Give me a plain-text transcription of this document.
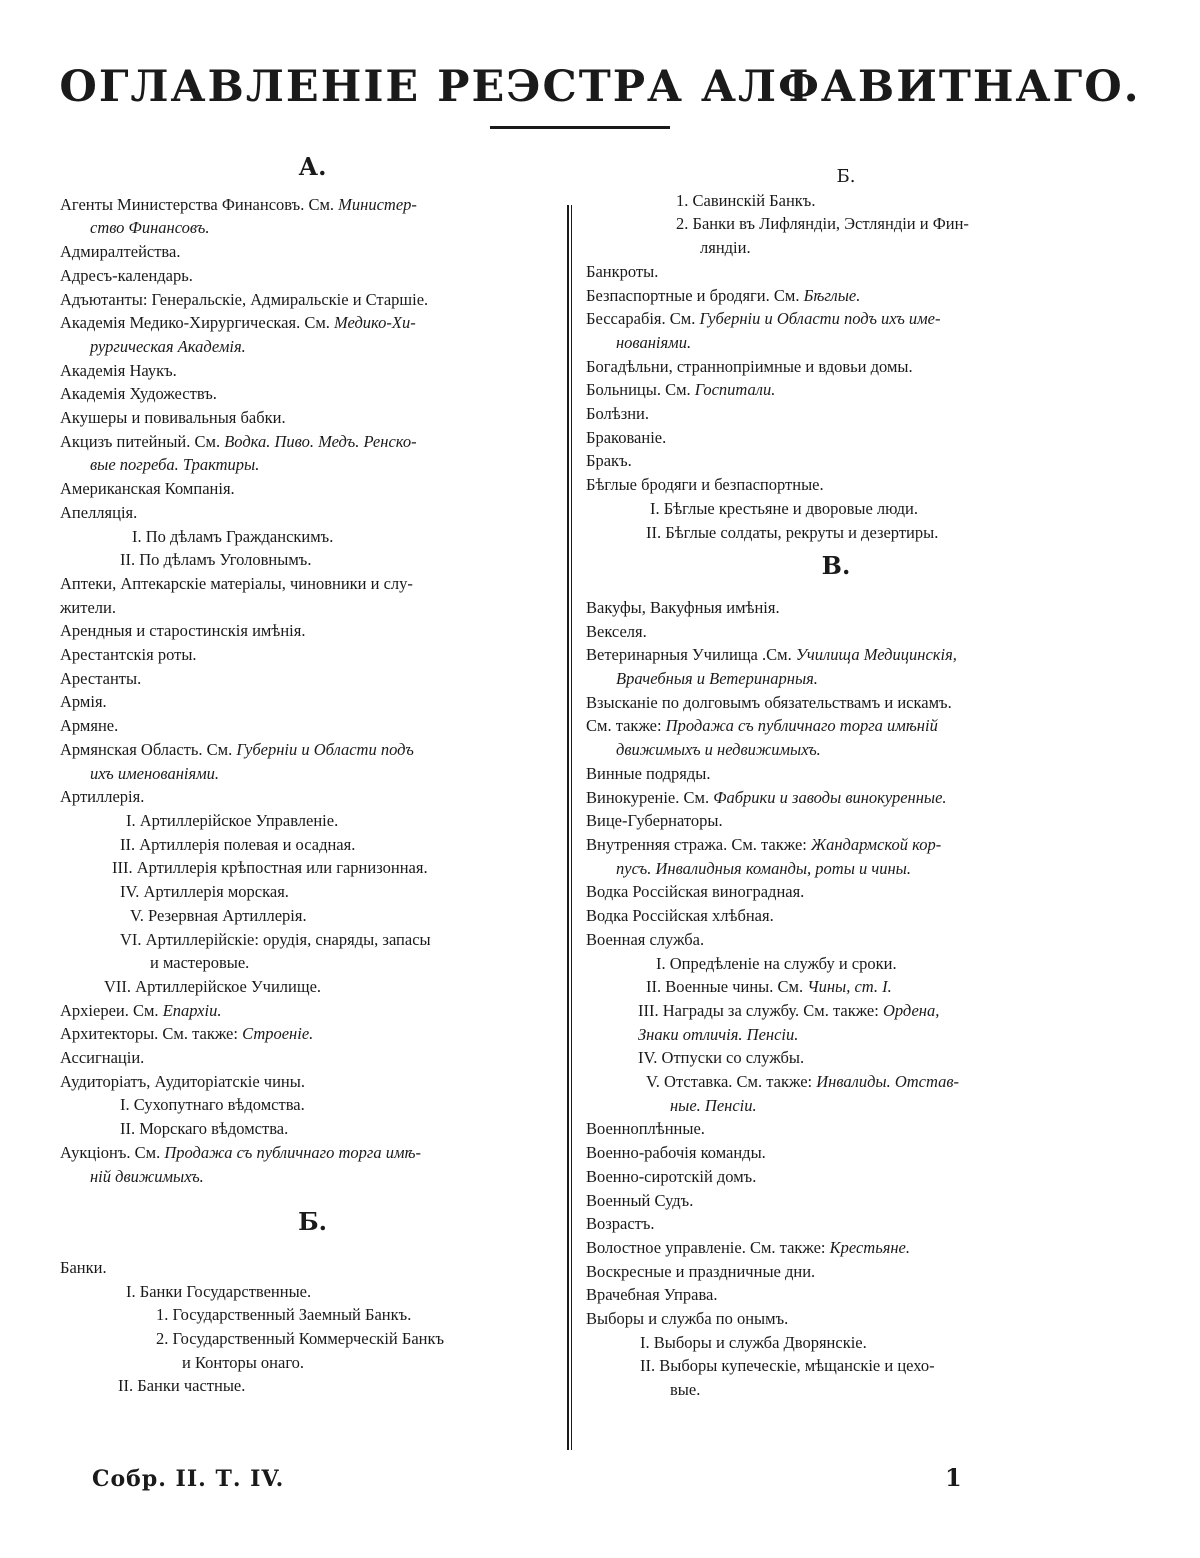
ОГЛАВЛЕНІЕ РЕЭСТРА АЛФАВИТНАГО.

А.

Агенты Министерства Финансовъ. См. Министер-

ство Финансовъ.

Адмиралтейства.

Адресъ-календарь.

Адъютанты: Генеральскіе, Адмиральскіе и Старшіе.

Академія Медико-Хирургическая. См. Медико-Хи-

рургическая Академія.

Академія Наукъ.

Академія Художествъ.

Акушеры и повивальныя бабки.

Акцизъ питейный. См. Водка. Пиво. Медъ. Ренско-

вые погреба. Трактиры.

Американская Компанія.

Апелляція.

I. По дѣламъ Гражданскимъ.

II. По дѣламъ Уголовнымъ.

Аптеки, Аптекарскіе матеріалы, чиновники и слу-

жители.

Арендныя и старостинскія имѣнія.

Арестантскія роты.

Арестанты.

Армія.

Армяне.

Армянская Область. См. Губерніи и Области подъ

ихъ именованіями.

Артиллерія.

I. Артиллерійское Управленіе.

II. Артиллерія полевая и осадная.

III. Артиллерія крѣпостная или гарнизонная.

IV. Артиллерія морская.

V. Резервная Артиллерія.

VI. Артиллерійскіе: орудія, снаряды, запасы

и мастеровые.

VII. Артиллерійское Училище.

Архіереи. См. Епархіи.

Архитекторы. См. также: Строеніе.

Ассигнаціи.

Аудиторіатъ, Аудиторіатскіе чины.

I. Сухопутнаго вѣдомства.

II. Морскаго вѣдомства.

Аукціонъ. См. Продажа съ публичнаго торга имѣ-

ній движимыхъ.

Б.

Банки.

I. Банки Государственные.

1. Государственный Заемный Банкъ.

2. Государственный Коммерческій Банкъ

и Конторы онаго.

II. Банки частные.

Б.

1. Савинскій Банкъ.

2. Банки въ Лифляндіи, Эстляндіи и Фин-

ляндіи.

Банкроты.

Безпаспортные и бродяги. См. Бѣглые.

Бессарабія. См. Губерніи и Области подъ ихъ име-

нованіями.

Богадѣльни, страннопріимные и вдовьи домы.

Больницы. См. Госпитали.

Болѣзни.

Бракованіе.

Бракъ.

Бѣглые бродяги и безпаспортные.

I. Бѣглые крестьяне и дворовые люди.

II. Бѣглые солдаты, рекруты и дезертиры.

В.

Вакуфы, Вакуфныя имѣнія.

Векселя.

Ветеринарныя Училища .См. Училища Медицинскія,

Врачебныя и Ветеринарныя.

Взысканіе по долговымъ обязательствамъ и искамъ.

См. также: Продажа съ публичнаго торга имѣній

движимыхъ и недвижимыхъ.

Винные подряды.

Винокуреніе. См. Фабрики и заводы винокуренные.

Вице-Губернаторы.

Внутренняя стража. См. также: Жандармской кор-

пусъ. Инвалидныя команды, роты и чины.

Водка Россійская виноградная.

Водка Россійская хлѣбная.

Военная служба.

I. Опредѣленіе на службу и сроки.

II. Военные чины. См. Чины, ст. I.

III. Награды за службу. См. также: Ордена,

Знаки отличія. Пенсіи.

IV. Отпуски со службы.

V. Отставка. См. также: Инвалиды. Отстав-

ные. Пенсіи.

Военноплѣнные.

Военно-рабочія команды.

Военно-сиротскій домъ.

Военный Судъ.

Возрастъ.

Волостное управленіе. См. также: Крестьяне.

Воскресные и праздничные дни.

Врачебная Управа.

Выборы и служба по онымъ.

I. Выборы и служба Дворянскіе.

II. Выборы купеческіе, мѣщанскіе и цехо-

вые.

Собр. II. Т. IV.	1
